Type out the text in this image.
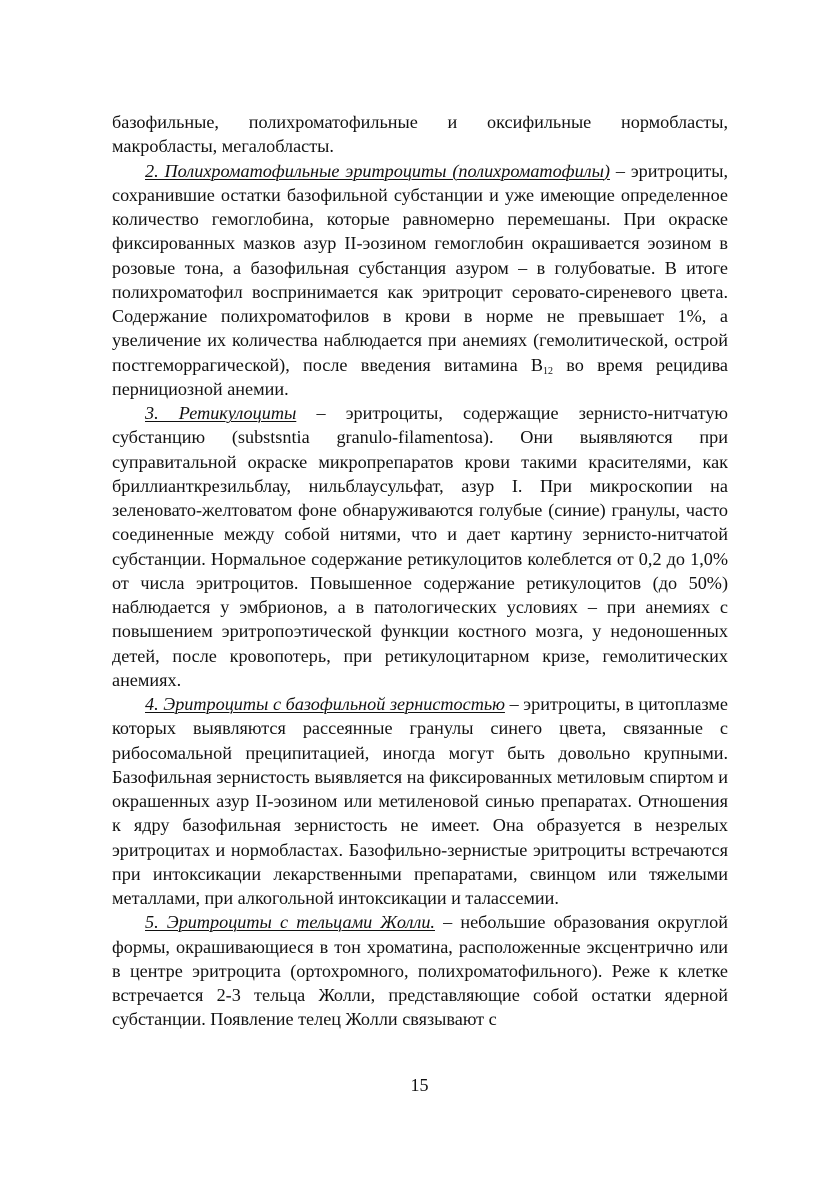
базофильные, полихроматофильные и оксифильные нормобласты, макробласты, мегалобласты.

2. Полихроматофильные эритроциты (полихроматофилы) – эритроциты, сохранившие остатки базофильной субстанции и уже имеющие определенное количество гемоглобина, которые равномерно перемешаны. При окраске фиксированных мазков азур II-эозином гемоглобин окрашивается эозином в розовые тона, а базофильная субстанция азуром – в голубоватые. В итоге полихроматофил воспринимается как эритроцит серовато-сиреневого цвета. Содержание полихроматофилов в крови в норме не превышает 1%, а увеличение их количества наблюдается при анемиях (гемолитической, острой постгеморрагической), после введения витамина $B_{12}$ во время рецидива пернициозной анемии.

3. Ретикулоциты – эритроциты, содержащие зернисто-нитчатую субстанцию (substsntia granulo-filamentosa). Они выявляются при суправитальной окраске микропрепаратов крови такими красителями, как бриллианткрезильблау, нильблаусульфат, азур I. При микроскопии на зеленовато-желтоватом фоне обнаруживаются голубые (синие) гранулы, часто соединенные между собой нитями, что и дает картину зернисто-нитчатой субстанции. Нормальное содержание ретикулоцитов колеблется от 0,2 до 1,0% от числа эритроцитов. Повышенное содержание ретикулоцитов (до 50%) наблюдается у эмбрионов, а в патологических условиях – при анемиях с повышением эритропоэтической функции костного мозга, у недоношенных детей, после кровопотерь, при ретикулоцитарном кризе, гемолитических анемиях.

4. Эритроциты с базофильной зернистостью – эритроциты, в цитоплазме которых выявляются рассеянные гранулы синего цвета, связанные с рибосомальной преципитацией, иногда могут быть довольно крупными. Базофильная зернистость выявляется на фиксированных метиловым спиртом и окрашенных азур II-эозином или метиленовой синью препаратах. Отношения к ядру базофильная зернистость не имеет. Она образуется в незрелых эритроцитах и нормобластах. Базофильно-зернистые эритроциты встречаются при интоксикации лекарственными препаратами, свинцом или тяжелыми металлами, при алкогольной интоксикации и талассемии.

5. Эритроциты с тельцами Жолли. – небольшие образования округлой формы, окрашивающиеся в тон хроматина, расположенные эксцентрично или в центре эритроцита (ортохромного, полихроматофильного). Реже к клетке встречается 2-3 тельца Жолли, представляющие собой остатки ядерной субстанции. Появление телец Жолли связывают с

15
